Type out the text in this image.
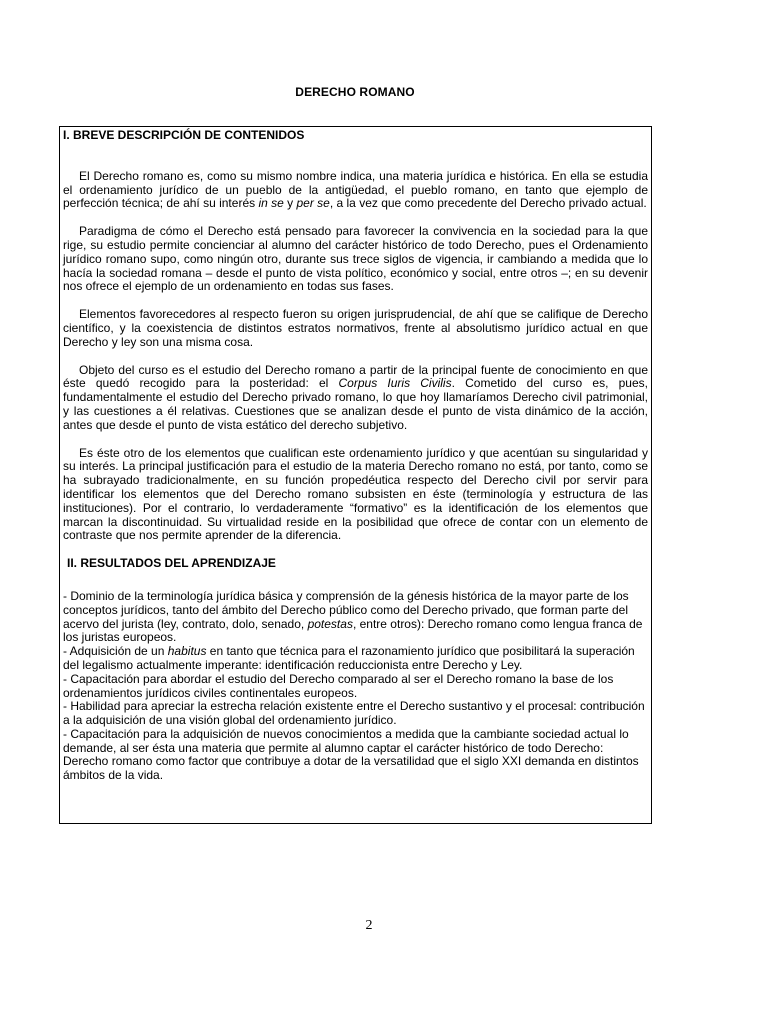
DERECHO ROMANO
I. BREVE DESCRIPCIÓN DE CONTENIDOS

El Derecho romano es, como su mismo nombre indica, una materia jurídica e histórica. En ella se estudia el ordenamiento jurídico de un pueblo de la antigüedad, el pueblo romano, en tanto que ejemplo de perfección técnica; de ahí su interés in se y per se, a la vez que como precedente del Derecho privado actual.

Paradigma de cómo el Derecho está pensado para favorecer la convivencia en la sociedad para la que rige, su estudio permite concienciar al alumno del carácter histórico de todo Derecho, pues el Ordenamiento jurídico romano supo, como ningún otro, durante sus trece siglos de vigencia, ir cambiando a medida que lo hacía la sociedad romana – desde el punto de vista político, económico y social, entre otros –; en su devenir nos ofrece el ejemplo de un ordenamiento en todas sus fases.

Elementos favorecedores al respecto fueron su origen jurisprudencial, de ahí que se califique de Derecho científico, y la coexistencia de distintos estratos normativos, frente al absolutismo jurídico actual en que Derecho y ley son una misma cosa.

Objeto del curso es el estudio del Derecho romano a partir de la principal fuente de conocimiento en que éste quedó recogido para la posteridad: el Corpus Iuris Civilis. Cometido del curso es, pues, fundamentalmente el estudio del Derecho privado romano, lo que hoy llamaríamos Derecho civil patrimonial, y las cuestiones a él relativas. Cuestiones que se analizan desde el punto de vista dinámico de la acción, antes que desde el punto de vista estático del derecho subjetivo.

Es éste otro de los elementos que cualifican este ordenamiento jurídico y que acentúan su singularidad y su interés. La principal justificación para el estudio de la materia Derecho romano no está, por tanto, como se ha subrayado tradicionalmente, en su función propedéutica respecto del Derecho civil por servir para identificar los elementos que del Derecho romano subsisten en éste (terminología y estructura de las instituciones). Por el contrario, lo verdaderamente “formativo” es la identificación de los elementos que marcan la discontinuidad. Su virtualidad reside en la posibilidad que ofrece de contar con un elemento de contraste que nos permite aprender de la diferencia.

II. RESULTADOS DEL APRENDIZAJE

- Dominio de la terminología jurídica básica y comprensión de la génesis histórica de la mayor parte de los conceptos jurídicos, tanto del ámbito del Derecho público como del Derecho privado, que forman parte del acervo del jurista (ley, contrato, dolo, senado, potestas, entre otros): Derecho romano como lengua franca de los juristas europeos.

- Adquisición de un habitus en tanto que técnica para el razonamiento jurídico que posibilitará la superación del legalismo actualmente imperante: identificación reduccionista entre Derecho y Ley.

- Capacitación para abordar el estudio del Derecho comparado al ser el Derecho romano la base de los ordenamientos jurídicos civiles continentales europeos.

- Habilidad para apreciar la estrecha relación existente entre el Derecho sustantivo y el procesal: contribución a la adquisición de una visión global del ordenamiento jurídico.

- Capacitación para la adquisición de nuevos conocimientos a medida que la cambiante sociedad actual lo demande, al ser ésta una materia que permite al alumno captar el carácter histórico de todo Derecho: Derecho romano como factor que contribuye a dotar de la versatilidad que el siglo XXI demanda en distintos ámbitos de la vida.

2
